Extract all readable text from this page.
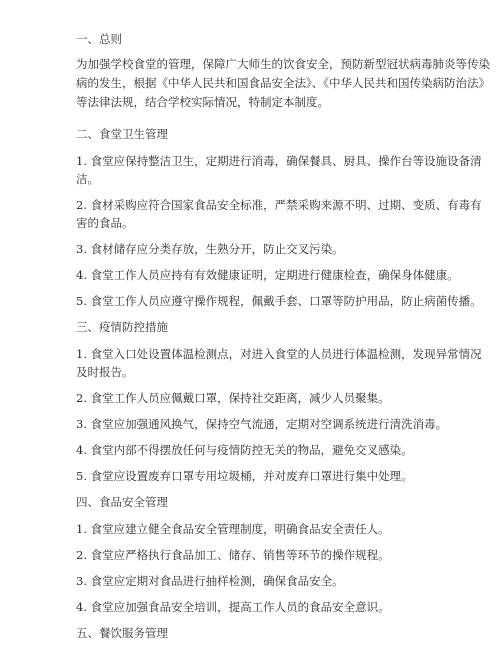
一、总则
为加强学校食堂的管理，保障广大师生的饮食安全，预防新型冠状病毒肺炎等传染
病的发生，根据《中华人民共和国食品安全法》、《中华人民共和国传染病防治法》
等法律法规，结合学校实际情况，特制定本制度。
二、食堂卫生管理
1. 食堂应保持整洁卫生，定期进行消毒，确保餐具、厨具、操作台等设施设备清
洁。
2. 食材采购应符合国家食品安全标准，严禁采购来源不明、过期、变质、有毒有
害的食品。
3. 食材储存应分类存放，生熟分开，防止交叉污染。
4. 食堂工作人员应持有有效健康证明，定期进行健康检查，确保身体健康。
5. 食堂工作人员应遵守操作规程，佩戴手套、口罩等防护用品，防止病菌传播。
三、疫情防控措施
1. 食堂入口处设置体温检测点，对进入食堂的人员进行体温检测，发现异常情况
及时报告。
2. 食堂工作人员应佩戴口罩，保持社交距离，减少人员聚集。
3. 食堂应加强通风换气，保持空气流通，定期对空调系统进行清洗消毒。
4. 食堂内部不得摆放任何与疫情防控无关的物品，避免交叉感染。
5. 食堂应设置废弃口罩专用垃圾桶，并对废弃口罩进行集中处理。
四、食品安全管理
1. 食堂应建立健全食品安全管理制度，明确食品安全责任人。
2. 食堂应严格执行食品加工、储存、销售等环节的操作规程。
3. 食堂应定期对食品进行抽样检测，确保食品安全。
4. 食堂应加强食品安全培训，提高工作人员的食品安全意识。
五、餐饮服务管理
